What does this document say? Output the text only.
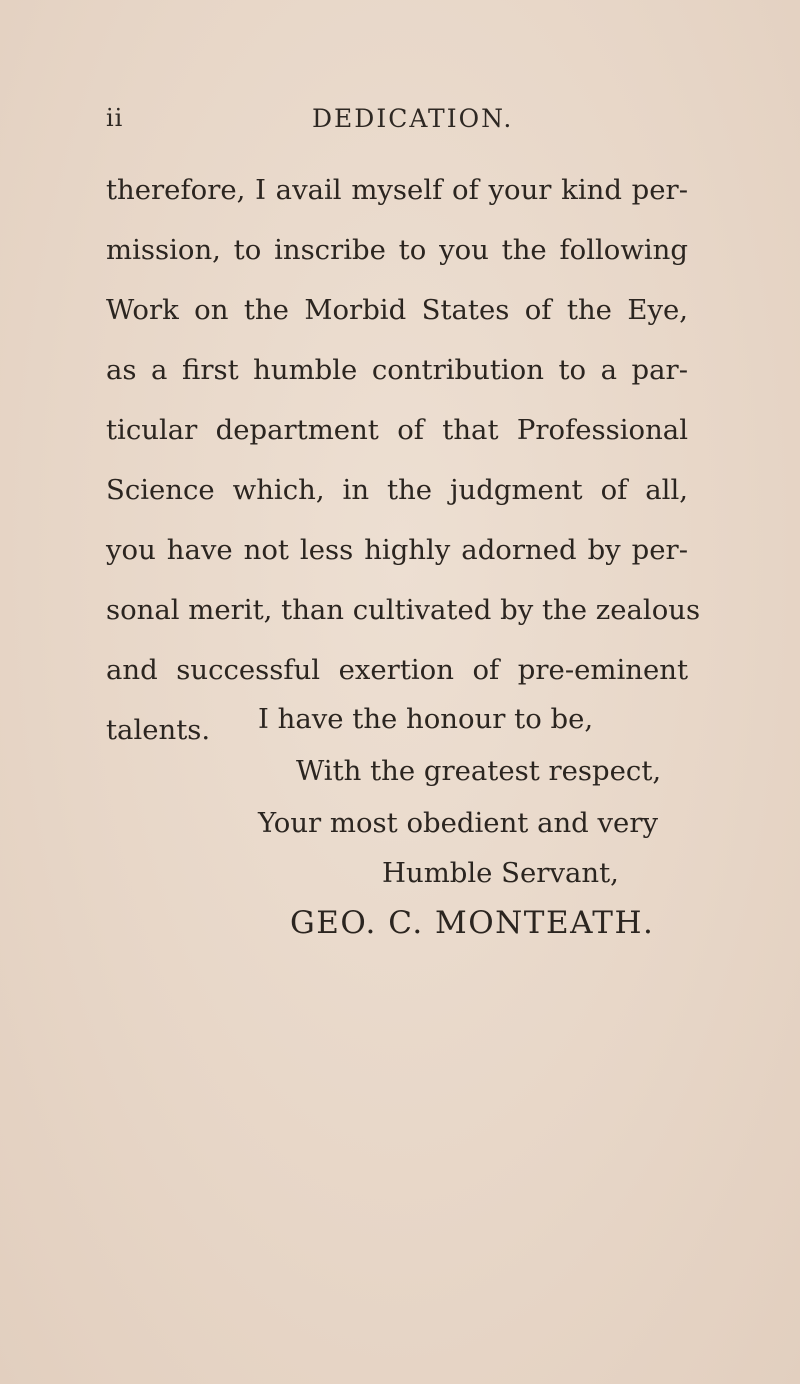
ii	DEDICATION.
therefore, I avail myself of your kind per-
mission, to inscribe to you the following
Work on the Morbid States of the Eye,
as a first humble contribution to a par-
ticular department of that Professional
Science which, in the judgment of all,
you have not less highly adorned by per-
sonal merit, than cultivated by the zealous
and successful exertion of pre-eminent
talents.	I have the honour to be,
With the greatest respect,
Your most obedient and very
Humble Servant,
GEO. C. MONTEATH.
